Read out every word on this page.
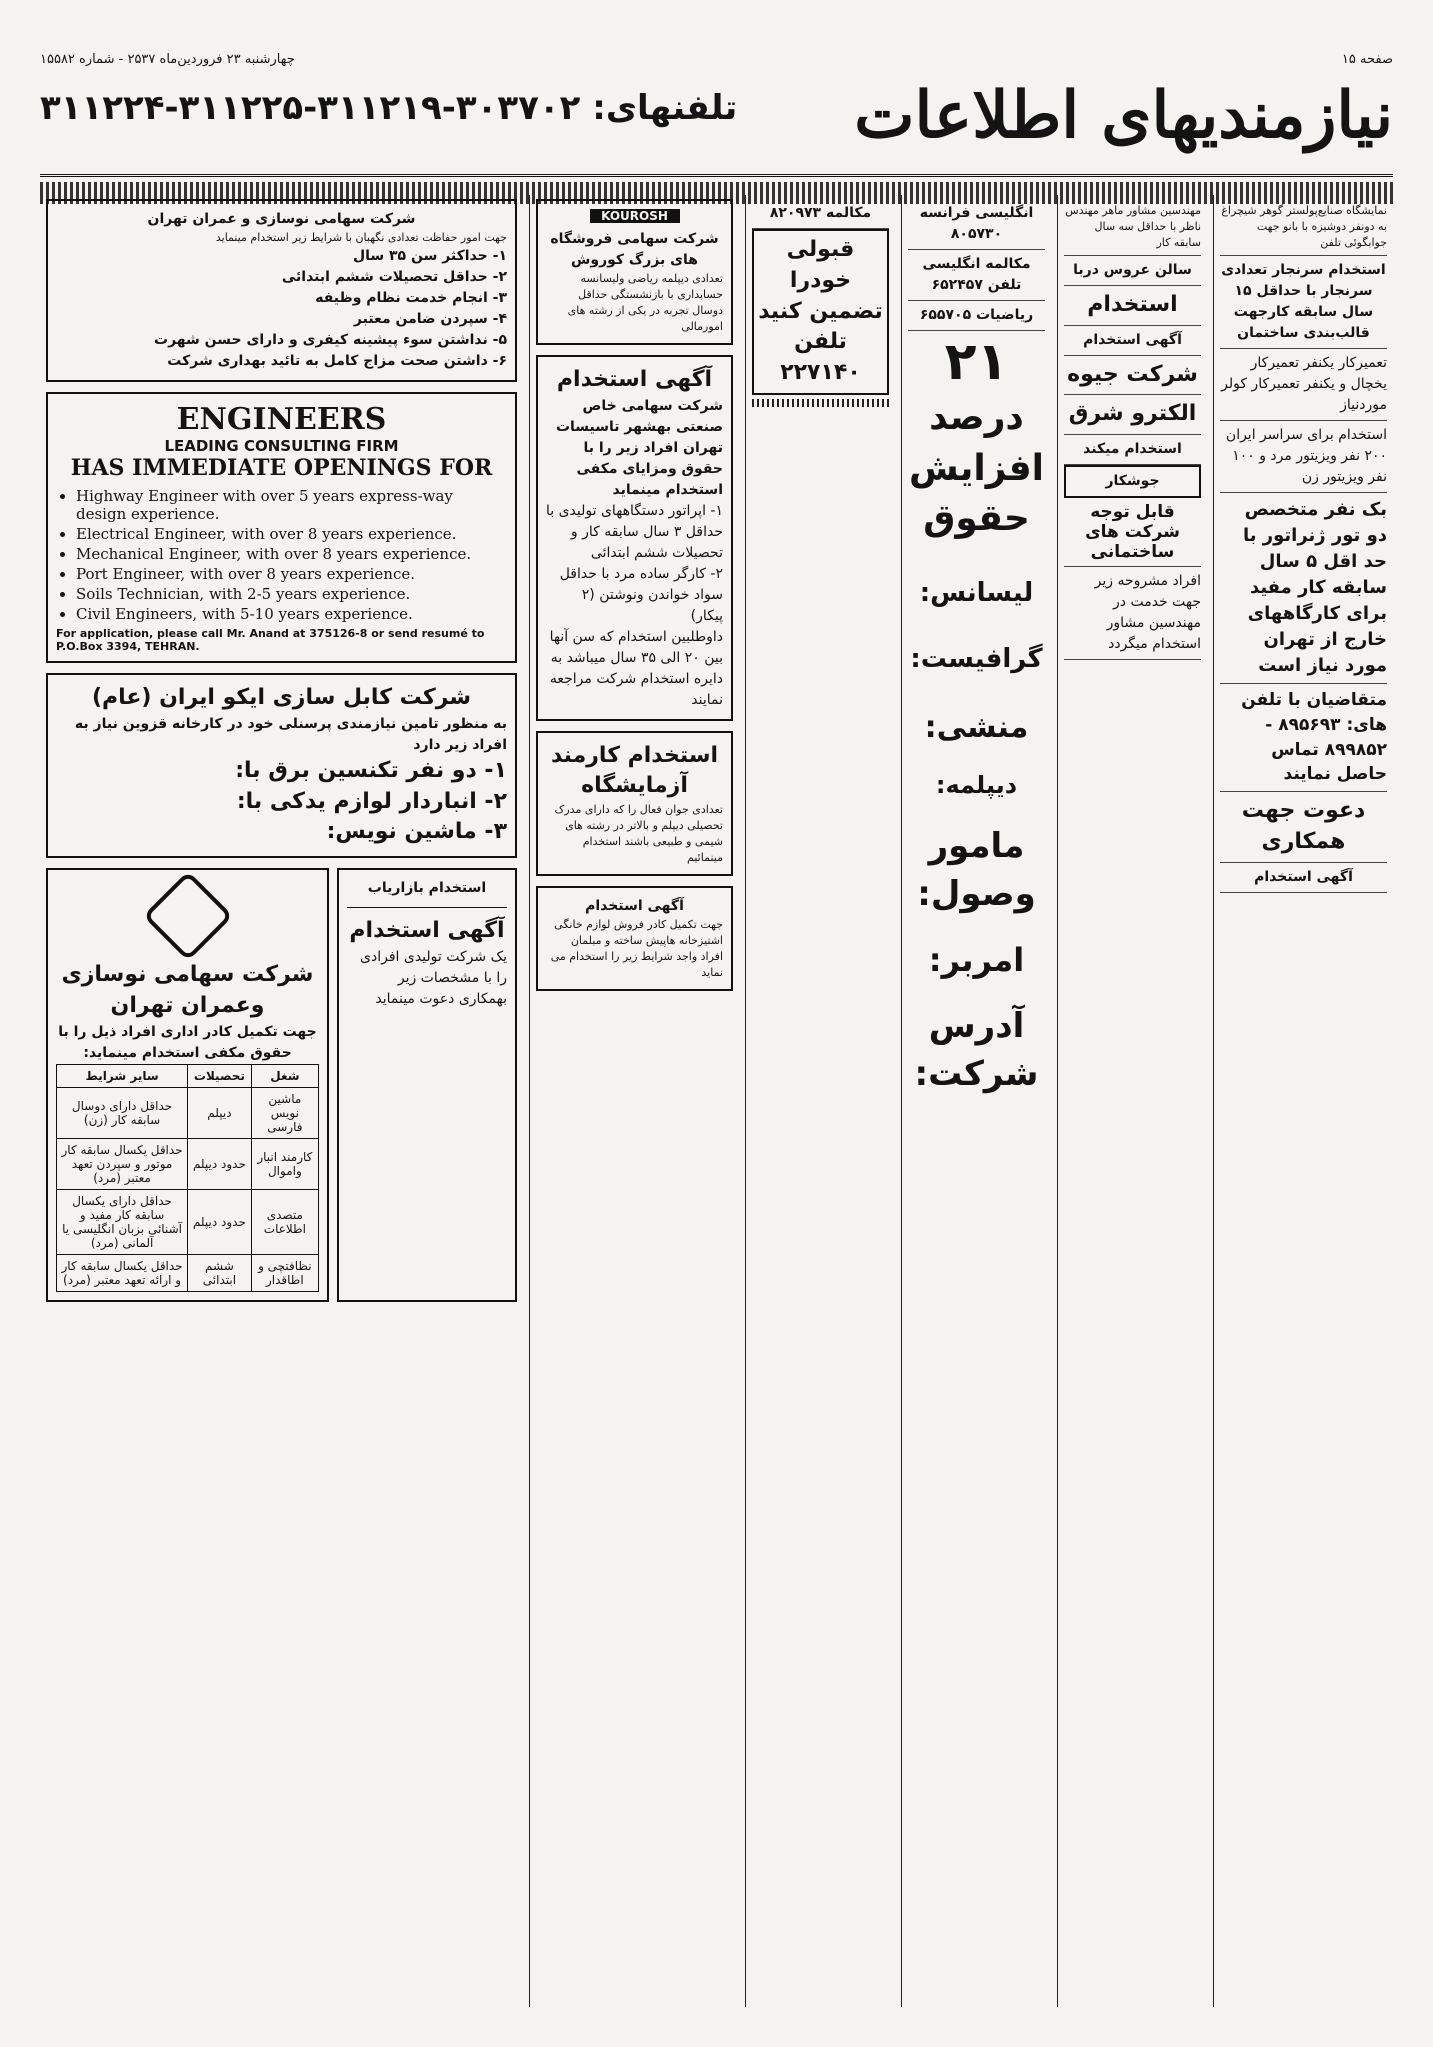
صفحه ۱۵
چهارشنبه ۲۳ فروردین‌ماه ۲۵۳۷ - شماره ۱۵۵۸۲
نیازمندیهای اطلاعات
تلفنهای: ۳۰۳۷۰۲-۳۱۱۲۱۹-۳۱۱۲۲۵-۳۱۱۲۲۴
نمایشگاه صنایع‌پولستر گوهر شیچراغ به دونفر دوشیزه با بانو جهت جوابگوئی تلفن
استخدام سرنجار تعدادی سرنجار با حداقل ۱۵ سال سابقه کارجهت قالب‌بندی ساختمان
تعمیرکار یکنفر تعمیرکار یخچال و یکنفر تعمیرکار کولر موردنیاز
استخدام برای سراسر ایران ۲۰۰ نفر ویزیتور مرد و ۱۰۰ نفر ویزیتور زن
بک نفر متخصص دو تور ژنراتور با حد اقل ۵ سال سابقه کار مفید برای کارگاههای خارج از تهران مورد نیاز است
متقاضیان با تلفن های: ۸۹۵۶۹۳ - ۸۹۹۸۵۲ تماس حاصل نمایند
دعوت جهت همکاری
آگهی استخدام
مهندسین مشاور ماهر مهندس ناظر با حداقل سه سال سابقه کار
سالن عروس دربا
استخدام
آگهی استخدام
شرکت جیوه
الکترو شرق
استخدام میکند
جوشکار
قابل توجه شرکت های ساختمانی
افراد مشروحه زیر جهت خدمت در مهندسین مشاور استخدام میگردد
انگلیسی فرانسه ۸۰۵۷۳۰
مکالمه انگلیسی تلفن ۶۵۲۴۵۷
ریاضیات ۶۵۵۷۰۵
۲۱
درصد
افزایش
حقوق
لیسانس:
گرافیست:
منشی:
دیپلمه:
مامور
وصول:
امربر:
آدرس
شرکت:
مکالمه ۸۲۰۹۷۳
قبولی خودرا تضمین کنید تلفن ۲۲۷۱۴۰
KOUROSH
شرکت سهامی فروشگاه های بزرگ کوروش
تعدادی دیپلمه ریاضی ولیسانسه حسابداری با بازنشستگی حداقل دوسال تجربه در یکی از رشته های امورمالی
آگهی استخدام
شرکت سهامی خاص صنعتی بهشهر تاسیسات تهران افراد زیر را با حقوق ومزایای مکفی استخدام مینماید
۱- اپراتور دستگاههای تولیدی با حداقل ۳ سال سابقه کار و تحصیلات ششم ابتدائی
۲- کارگر ساده مرد با حداقل سواد خواندن ونوشتن (۲ پیکار)
داوطلبین استخدام که سن آنها بین ۲۰ الی ۳۵ سال میباشد به دایره استخدام شرکت مراجعه نمایند
استخدام کارمند آزمایشگاه
تعدادی جوان فعال را که دارای مدرک تحصیلی دیپلم و بالاتر در رشته های شیمی و طبیعی باشند استخدام مینمائیم
آگهی استخدام
جهت تکمیل کادر فروش لوازم خانگی اشتیزخانه هاپیش ساخته و مبلمان افراد واجد شرایط زیر را استخدام می نماید
شرکت سهامی نوسازی و عمران تهران
جهت امور حفاظت تعدادی نگهبان با شرایط زیر استخدام مینماید
۱- حداکثر سن ۳۵ سال
۲- حداقل تحصیلات ششم ابتدائی
۳- انجام خدمت نظام وظیفه
۴- سپردن ضامن معتبر
۵- نداشتن سوء پیشینه کیفری و دارای حسن شهرت
۶- داشتن صحت مزاج کامل به تائید بهداری شرکت
ENGINEERS
LEADING CONSULTING FIRM
HAS IMMEDIATE OPENINGS FOR
• Highway Engineer with over 5 years express-way design experience.
• Electrical Engineer, with over 8 years experience.
• Mechanical Engineer, with over 8 years experience.
• Port Engineer, with over 8 years experience.
• Soils Technician, with 2-5 years experience.
• Civil Engineers, with 5-10 years experience.
For application, please call Mr. Anand at 375126-8 or send resumé to P.O.Box 3394, TEHRAN.
شرکت کابل سازی ایکو ایران (عام)
به منظور تامین نیازمندی پرسنلی خود در کارخانه قزوین نیاز به افراد زیر دارد
۱- دو نفر تکنسین برق با:
۲- انباردار لوازم یدکی با:
۳- ماشین نویس:
استخدام بازاریاب
آگهی استخدام
یک شرکت تولیدی افرادی را با مشخصات زیر بهمکاری دعوت مینماید
شرکت سهامی نوسازی وعمران تهران
جهت تکمیل کادر اداری افراد ذیل را با حقوق مکفی استخدام مینماید:
شغل	تحصیلات	سایر شرایط
ماشین نویس فارسی	دیپلم	حداقل دارای دوسال سابقه کار (زن)
کارمند انبار واموال	حدود دیپلم	حداقل یکسال سابقه کار موتور و سپردن تعهد معتبر (مرد)
متصدی اطلاعات	حدود دیپلم	حداقل دارای یکسال سابقه کار مفید و آشنائی بزبان انگلیسی یا آلمانی (مرد)
نظافتچی و اطاقدار	ششم ابتدائی	حداقل یکسال سابقه کار و ارائه تعهد معتبر (مرد)
